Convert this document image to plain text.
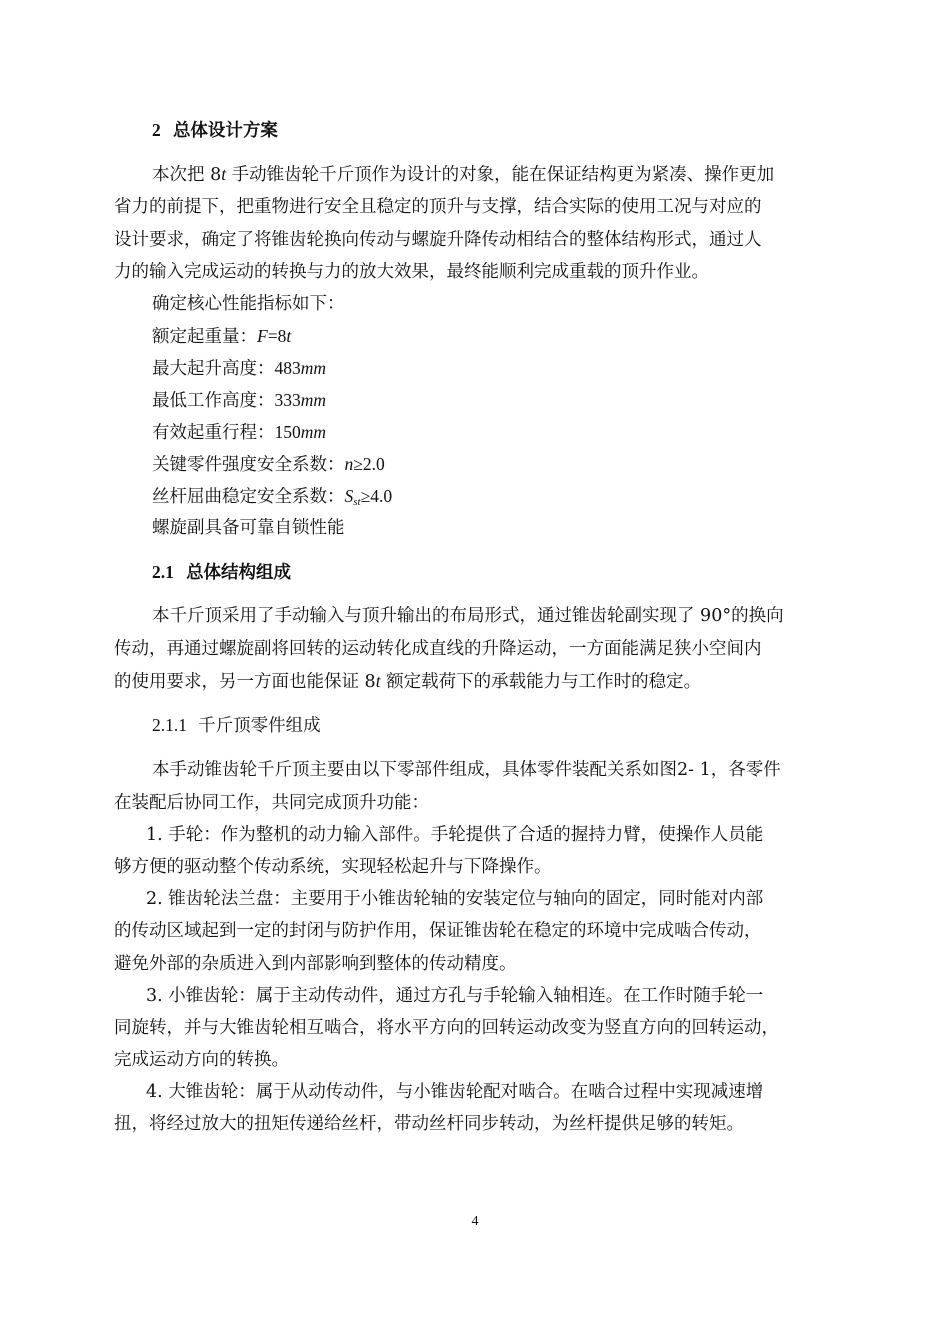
2 总体设计方案
本次把 8t 手动锥齿轮千斤顶作为设计的对象，能在保证结构更为紧凑、操作更加
省力的前提下，把重物进行安全且稳定的顶升与支撑，结合实际的使用工况与对应的
设计要求，确定了将锥齿轮换向传动与螺旋升降传动相结合的整体结构形式，通过人
力的输入完成运动的转换与力的放大效果，最终能顺利完成重载的顶升作业。
确定核心性能指标如下：
额定起重量：F=8t
最大起升高度：483mm
最低工作高度：333mm
有效起重行程：150mm
关键零件强度安全系数：n≥2.0
丝杆屈曲稳定安全系数：$S_{st}\ge 4.0$
螺旋副具备可靠自锁性能
2.1 总体结构组成
本千斤顶采用了手动输入与顶升输出的布局形式，通过锥齿轮副实现了 90°的换向
传动，再通过螺旋副将回转的运动转化成直线的升降运动，一方面能满足狭小空间内
的使用要求，另一方面也能保证 8t 额定载荷下的承载能力与工作时的稳定。
2.1.1 千斤顶零件组成
本手动锥齿轮千斤顶主要由以下零部件组成，具体零件装配关系如图2- 1，各零件
在装配后协同工作，共同完成顶升功能：
1. 手轮：作为整机的动力输入部件。手轮提供了合适的握持力臂，使操作人员能
够方便的驱动整个传动系统，实现轻松起升与下降操作。
2. 锥齿轮法兰盘：主要用于小锥齿轮轴的安装定位与轴向的固定，同时能对内部
的传动区域起到一定的封闭与防护作用，保证锥齿轮在稳定的环境中完成啮合传动，
避免外部的杂质进入到内部影响到整体的传动精度。
3. 小锥齿轮：属于主动传动件，通过方孔与手轮输入轴相连。在工作时随手轮一
同旋转，并与大锥齿轮相互啮合，将水平方向的回转运动改变为竖直方向的回转运动，
完成运动方向的转换。
4. 大锥齿轮：属于从动传动件，与小锥齿轮配对啮合。在啮合过程中实现减速增
扭，将经过放大的扭矩传递给丝杆，带动丝杆同步转动，为丝杆提供足够的转矩。
4
